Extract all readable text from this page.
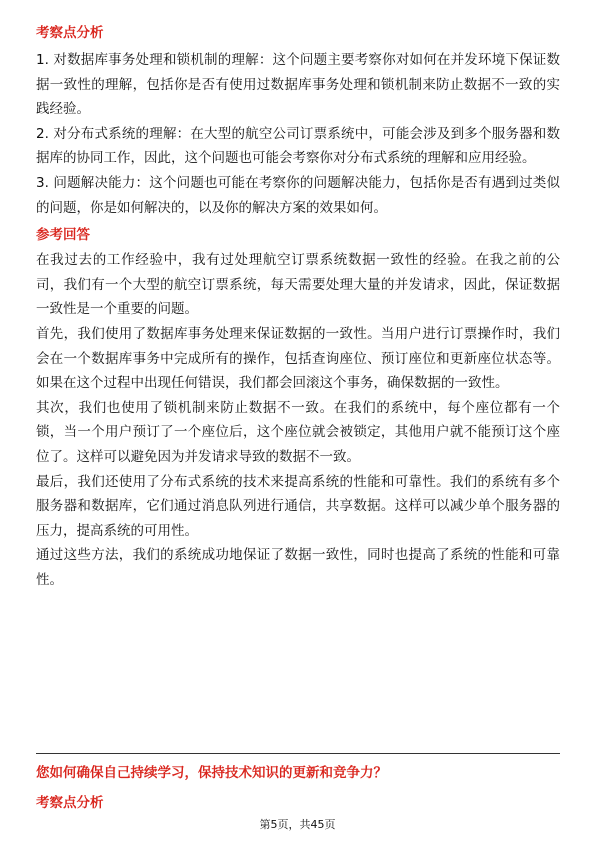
考察点分析

1. 对数据库事务处理和锁机制的理解：这个问题主要考察你对如何在并发环境下保证数据一致性的理解，包括你是否有使用过数据库事务处理和锁机制来防止数据不一致的实践经验。

2. 对分布式系统的理解：在大型的航空公司订票系统中，可能会涉及到多个服务器和数据库的协同工作，因此，这个问题也可能会考察你对分布式系统的理解和应用经验。

3. 问题解决能力：这个问题也可能在考察你的问题解决能力，包括你是否有遇到过类似的问题，你是如何解决的，以及你的解决方案的效果如何。

参考回答

在我过去的工作经验中，我有过处理航空订票系统数据一致性的经验。在我之前的公司，我们有一个大型的航空订票系统，每天需要处理大量的并发请求，因此，保证数据一致性是一个重要的问题。

首先，我们使用了数据库事务处理来保证数据的一致性。当用户进行订票操作时，我们会在一个数据库事务中完成所有的操作，包括查询座位、预订座位和更新座位状态等。如果在这个过程中出现任何错误，我们都会回滚这个事务，确保数据的一致性。

其次，我们也使用了锁机制来防止数据不一致。在我们的系统中，每个座位都有一个锁，当一个用户预订了一个座位后，这个座位就会被锁定，其他用户就不能预订这个座位了。这样可以避免因为并发请求导致的数据不一致。

最后，我们还使用了分布式系统的技术来提高系统的性能和可靠性。我们的系统有多个服务器和数据库，它们通过消息队列进行通信，共享数据。这样可以减少单个服务器的压力，提高系统的可用性。

通过这些方法，我们的系统成功地保证了数据一致性，同时也提高了系统的性能和可靠性。

您如何确保自己持续学习，保持技术知识的更新和竞争力？
考察点分析
第5页，共45页
